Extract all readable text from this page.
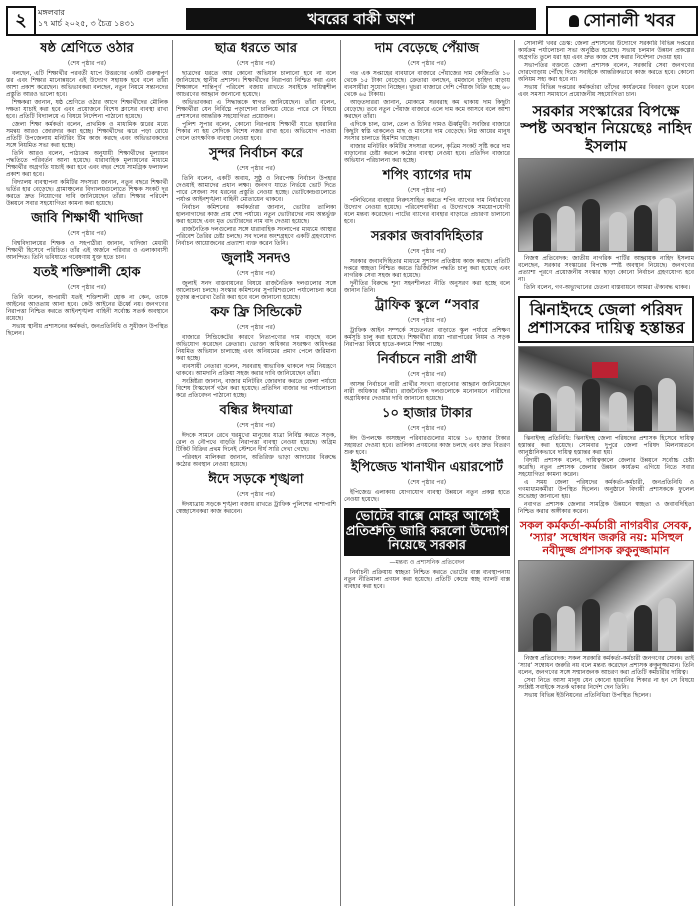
২	মঙ্গলবার
১৭ মার্চ ২০২৫, ৩ চৈত্র ১৪৩১	খবরের বাকী অংশ	সোনালী খবর
ষষ্ঠ শ্রেণিতে ওঠার
(শেষ পৃষ্ঠার পর)

বলছেন, এটি শিক্ষার্থীর পরবর্তী ধাপে উত্তরণের একটি গুরুত্বপূর্ণ স্তর এবং শিক্ষার মানোন্নয়নে এই উদ্যোগ সহায়ক হবে বলে তাঁরা আশা প্রকাশ করেছেন। অভিভাবকরা বলছেন, নতুন নিয়মে সন্তানদের প্রস্তুতি আরও ভালো হবে।

শিক্ষকরা জানান, ষষ্ঠ শ্রেণিতে ওঠার আগে শিক্ষার্থীদের মৌলিক দক্ষতা যাচাই করা হবে এবং প্রয়োজনে বিশেষ ক্লাসের ব্যবস্থা রাখা হবে। প্রতিটি বিদ্যালয়ে এ বিষয়ে নির্দেশনা পাঠানো হয়েছে।

জেলা শিক্ষা কর্মকর্তা বলেন, প্রাথমিক ও মাধ্যমিক স্তরের মধ্যে সমন্বয় আরও জোরদার করা হচ্ছে। শিক্ষার্থীদের ঝরে পড়া রোধে প্রতিটি উপজেলায় মনিটরিং টিম কাজ করছে এবং অভিভাবকদের সঙ্গে নিয়মিত সভা করা হচ্ছে।

তিনি আরও বলেন, পাঠ্যক্রম অনুযায়ী শিক্ষার্থীদের মূল্যায়ন পদ্ধতিতে পরিবর্তন আনা হয়েছে। ধারাবাহিক মূল্যায়নের মাধ্যমে শিক্ষার্থীর অগ্রগতি যাচাই করা হবে এবং বছর শেষে সামগ্রিক ফলাফল প্রকাশ করা হবে।

বিদ্যালয় ব্যবস্থাপনা কমিটির সদস্যরা জানান, নতুন বছরে শিক্ষার্থী ভর্তির হার বেড়েছে। গ্রামাঞ্চলের বিদ্যালয়গুলোতে শিক্ষক সংকট দূর করতে দ্রুত নিয়োগের দাবি জানিয়েছেন তাঁরা। শিক্ষার পরিবেশ উন্নয়নে সবার সহযোগিতা কামনা করা হয়েছে।

জাবি শিক্ষার্থী খাদিজা
(শেষ পৃষ্ঠার পর)

বিশ্ববিদ্যালয়ের শিক্ষক ও সহপাঠীরা জানান, খাদিজা মেধাবী শিক্ষার্থী হিসেবে পরিচিত। তাঁর এই অর্জনে পরিবার ও এলাকাবাসী আনন্দিত। তিনি ভবিষ্যতে গবেষণায় যুক্ত হতে চান।

যতই শক্তিশালী হোক
(শেষ পৃষ্ঠার পর)

তিনি বলেন, অপরাধী যতই শক্তিশালী হোক না কেন, তাকে আইনের আওতায় আনা হবে। কেউ আইনের ঊর্ধ্বে নয়। জনগণের নিরাপত্তা নিশ্চিত করতে আইনশৃঙ্খলা বাহিনী সর্বোচ্চ সতর্ক অবস্থানে রয়েছে।

সভায় স্থানীয় প্রশাসনের কর্মকর্তা, জনপ্রতিনিধি ও সুধীজন উপস্থিত ছিলেন।

ছাত্র ধরতে আর
(শেষ পৃষ্ঠার পর)

ছাত্রদের ধরতে আর কোনো অভিযান চালানো হবে না বলে জানিয়েছে স্থানীয় প্রশাসন। শিক্ষার্থীদের নিরাপত্তা নিশ্চিত করা এবং শিক্ষাঙ্গনে শান্তিপূর্ণ পরিবেশ বজায় রাখতে সবাইকে দায়িত্বশীল আচরণের আহ্বান জানানো হয়েছে।

অভিভাবকরা এ সিদ্ধান্তকে স্বাগত জানিয়েছেন। তাঁরা বলেন, শিক্ষার্থীরা যেন নির্বিঘ্নে পড়াশোনা চালিয়ে যেতে পারে সে বিষয়ে প্রশাসনের আন্তরিক সহযোগিতা প্রয়োজন।

পুলিশ সুপার বলেন, কোনো নিরপরাধ শিক্ষার্থী যাতে হয়রানির শিকার না হয় সেদিকে বিশেষ নজর রাখা হবে। অভিযোগ পাওয়া গেলে তাৎক্ষণিক ব্যবস্থা নেওয়া হবে।

সুন্দর নির্বাচন করে
(শেষ পৃষ্ঠার পর)

তিনি বলেন, একটি অবাধ, সুষ্ঠু ও নিরপেক্ষ নির্বাচন উপহার দেওয়াই আমাদের প্রধান লক্ষ্য। জনগণ যাতে নির্ভয়ে ভোট দিতে পারে সেজন্য সব ধরনের প্রস্তুতি নেওয়া হচ্ছে। ভোটকেন্দ্রগুলোতে পর্যাপ্ত আইনশৃঙ্খলা বাহিনী মোতায়েন থাকবে।

নির্বাচন কমিশনের কর্মকর্তারা জানান, ভোটার তালিকা হালনাগাদের কাজ প্রায় শেষ পর্যায়ে। নতুন ভোটারদের নাম অন্তর্ভুক্ত করা হয়েছে এবং মৃত ভোটারদের নাম বাদ দেওয়া হয়েছে।

রাজনৈতিক দলগুলোর সঙ্গে ধারাবাহিক সংলাপের মাধ্যমে আস্থার পরিবেশ তৈরির চেষ্টা চলছে। সব দলের অংশগ্রহণে একটি গ্রহণযোগ্য নির্বাচন আয়োজনের প্রত্যাশা ব্যক্ত করেন তিনি।

জুলাই সনদও
(শেষ পৃষ্ঠার পর)

জুলাই সনদ বাস্তবায়নের বিষয়ে রাজনৈতিক দলগুলোর সঙ্গে আলোচনা চলছে। সংস্কার কমিশনের সুপারিশগুলো পর্যালোচনা করে চূড়ান্ত রূপরেখা তৈরি করা হবে বলে জানানো হয়েছে।

কফ ফ্রি সিন্ডিকেট
(শেষ পৃষ্ঠার পর)

বাজারে সিন্ডিকেটের কারণে নিত্যপণ্যের দাম বাড়ছে বলে অভিযোগ করেছেন ক্রেতারা। ভোক্তা অধিকার সংরক্ষণ অধিদপ্তর নিয়মিত অভিযান চালাচ্ছে এবং অনিয়মের প্রমাণ পেলে জরিমানা করা হচ্ছে।

ব্যবসায়ী নেতারা বলেন, সরবরাহ স্বাভাবিক থাকলে দাম নিয়ন্ত্রণে থাকবে। আমদানি প্রক্রিয়া সহজ করার দাবি জানিয়েছেন তাঁরা।

সংশ্লিষ্টরা জানান, বাজার মনিটরিং জোরদার করতে জেলা পর্যায়ে বিশেষ টাস্কফোর্স গঠন করা হয়েছে। প্রতিদিন বাজার দর পর্যালোচনা করে প্রতিবেদন পাঠানো হচ্ছে।

বন্ধির ঈদযাত্রা
(শেষ পৃষ্ঠার পর)

ঈদকে সামনে রেখে ঘরমুখো মানুষের যাত্রা নির্বিঘ্ন করতে সড়ক, রেল ও নৌপথে বাড়তি নিরাপত্তা ব্যবস্থা নেওয়া হয়েছে। অগ্রিম টিকিট বিক্রির প্রথম দিনেই স্টেশনে দীর্ঘ সারি দেখা গেছে।

পরিবহন মালিকরা জানান, অতিরিক্ত ভাড়া আদায়ের বিরুদ্ধে কঠোর অবস্থান নেওয়া হয়েছে।

ঈদে সড়কে শৃঙ্খলা
(শেষ পৃষ্ঠার পর)

ঈদযাত্রায় সড়কে শৃঙ্খলা বজায় রাখতে ট্রাফিক পুলিশের পাশাপাশি স্বেচ্ছাসেবকরা কাজ করবেন।

দাম বেড়েছে পেঁয়াজ
(শেষ পৃষ্ঠার পর)

গত এক সপ্তাহের ব্যবধানে বাজারে পেঁয়াজের দাম কেজিপ্রতি ১০ থেকে ১৫ টাকা বেড়েছে। ক্রেতারা বলছেন, রমজানে চাহিদা বাড়ায় ব্যবসায়ীরা সুযোগ নিচ্ছেন। খুচরা বাজারে দেশি পেঁয়াজ বিক্রি হচ্ছে ৬০ থেকে ৬৫ টাকায়।

আড়তদাররা জানান, মোকামে সরবরাহ কম থাকায় দাম কিছুটা বেড়েছে। তবে নতুন পেঁয়াজ বাজারে এলে দাম কমে আসবে বলে আশা করছেন তাঁরা।

এদিকে চাল, ডাল, তেল ও চিনির দামও ঊর্ধ্বমুখী। সবজির বাজারে কিছুটা স্বস্তি থাকলেও মাছ ও মাংসের দাম বেড়েছে। নিম্ন আয়ের মানুষ সংসার চালাতে হিমশিম খাচ্ছেন।

বাজার মনিটরিং কমিটির সদস্যরা বলেন, কৃত্রিম সংকট সৃষ্টি করে দাম বাড়ানোর চেষ্টা করলে কঠোর ব্যবস্থা নেওয়া হবে। প্রতিদিন বাজারে অভিযান পরিচালনা করা হচ্ছে।

শপিং ব্যাগের দাম
(শেষ পৃষ্ঠার পর)

পলিথিনের ব্যবহার নিরুৎসাহিত করতে শপিং ব্যাগের দাম নির্ধারণের উদ্যোগ নেওয়া হয়েছে। পরিবেশবাদীরা এ উদ্যোগকে সময়োপযোগী বলে মন্তব্য করেছেন। পাটের ব্যাগের ব্যবহার বাড়াতে প্রচারণা চালানো হবে।

সরকার জবাবদিহিতার
(শেষ পৃষ্ঠার পর)

সরকার জবাবদিহিতার মাধ্যমে সুশাসন প্রতিষ্ঠায় কাজ করছে। প্রতিটি দপ্তরে স্বচ্ছতা নিশ্চিত করতে ডিজিটাল পদ্ধতি চালু করা হয়েছে এবং নাগরিক সেবা সহজ করা হয়েছে।

দুর্নীতির বিরুদ্ধে শূন্য সহনশীলতা নীতি অনুসরণ করা হচ্ছে বলে জানান তিনি।

ট্রাফিক স্কুলে “সবার
(শেষ পৃষ্ঠার পর)

ট্রাফিক আইন সম্পর্কে সচেতনতা বাড়াতে স্কুল পর্যায়ে প্রশিক্ষণ কর্মসূচি চালু করা হয়েছে। শিক্ষার্থীরা রাস্তা পারাপারের নিয়ম ও সড়ক নিরাপত্তা বিষয়ে হাতে-কলমে শিক্ষা পাচ্ছে।

নির্বাচনে নারী প্রার্থী
(শেষ পৃষ্ঠার পর)

আসন্ন নির্বাচনে নারী প্রার্থীর সংখ্যা বাড়ানোর আহ্বান জানিয়েছেন নারী অধিকার কর্মীরা। রাজনৈতিক দলগুলোকে মনোনয়নে নারীদের অগ্রাধিকার দেওয়ার দাবি জানানো হয়েছে।

১০ হাজার টাকার
(শেষ পৃষ্ঠার পর)

ঈদ উপলক্ষে অসচ্ছল পরিবারগুলোর মাঝে ১০ হাজার টাকার সহায়তা দেওয়া হবে। তালিকা প্রণয়নের কাজ চলছে এবং দ্রুত বিতরণ শুরু হবে।

ইপিজেড খানাখীন এয়ারপোর্ট
(শেষ পৃষ্ঠার পর)

ইপিজেড এলাকায় যোগাযোগ ব্যবস্থা উন্নয়নে নতুন প্রকল্প হাতে নেওয়া হয়েছে।

ভোটের বাক্সে মোহর আগেই প্রতিশ্রুতি জারি করলো উদ্যোগ নিয়েছে সরকার
—মন্তব্য ও প্রশাসনিক প্রতিবেদন

নির্বাচনী প্রক্রিয়ায় স্বচ্ছতা নিশ্চিত করতে ভোটের বাক্স ব্যবস্থাপনায় নতুন নীতিমালা প্রণয়ন করা হয়েছে। প্রতিটি কেন্দ্রে স্বচ্ছ ব্যালট বাক্স ব্যবহার করা হবে।

সোনালী খবর ডেস্ক: জেলা প্রশাসনের উদ্যোগে সরকারি বিভিন্ন দপ্তরের কার্যক্রম পর্যালোচনা সভা অনুষ্ঠিত হয়েছে। সভায় চলমান উন্নয়ন প্রকল্পের অগ্রগতি তুলে ধরা হয় এবং দ্রুত কাজ শেষ করার নির্দেশনা দেওয়া হয়।

সভাপতির বক্তব্যে জেলা প্রশাসক বলেন, সরকারি সেবা জনগণের দোরগোড়ায় পৌঁছে দিতে সবাইকে আন্তরিকভাবে কাজ করতে হবে। কোনো অনিয়ম সহ্য করা হবে না।

সভায় বিভিন্ন দপ্তরের কর্মকর্তারা তাঁদের কার্যক্রমের বিবরণ তুলে ধরেন এবং সমস্যা সমাধানে প্রয়োজনীয় সহযোগিতা চান।

সরকার সংস্কারের বিপক্ষে স্পষ্ট অবস্থান নিয়েছেঃ নাহিদ ইসলাম

নিজস্ব প্রতিবেদক: জাতীয় নাগরিক পার্টির আহ্বায়ক নাহিদ ইসলাম বলেছেন, সরকার সংস্কারের বিপক্ষে স্পষ্ট অবস্থান নিয়েছে। জনগণের প্রত্যাশা পূরণে প্রয়োজনীয় সংস্কার ছাড়া কোনো নির্বাচন গ্রহণযোগ্য হবে না।

তিনি বলেন, গণ-অভ্যুত্থানের চেতনা বাস্তবায়নে আমরা ঐক্যবদ্ধ থাকব।

ঝিনাইদহে জেলা পরিষদ প্রশাসকের দায়িত্ব হস্তান্তর

ঝিনাইদহ প্রতিনিধি: ঝিনাইদহ জেলা পরিষদের প্রশাসক হিসেবে দায়িত্ব হস্তান্তর করা হয়েছে। সোমবার দুপুরে জেলা পরিষদ মিলনায়তনে আনুষ্ঠানিকভাবে দায়িত্ব হস্তান্তর করা হয়।

বিদায়ী প্রশাসক বলেন, দায়িত্বকালে জেলার উন্নয়নে সর্বোচ্চ চেষ্টা করেছি। নতুন প্রশাসক জেলার উন্নয়ন কার্যক্রম এগিয়ে নিতে সবার সহযোগিতা কামনা করেন।

এ সময় জেলা পরিষদের কর্মকর্তা-কর্মচারী, জনপ্রতিনিধি ও গণমাধ্যমকর্মীরা উপস্থিত ছিলেন। অনুষ্ঠানে বিদায়ী প্রশাসককে ফুলেল শুভেচ্ছা জানানো হয়।

নবাগত প্রশাসক জেলার সামগ্রিক উন্নয়নে স্বচ্ছতা ও জবাবদিহিতা নিশ্চিত করার অঙ্গীকার করেন।

সকল কর্মকর্তা-কর্মচারী নাগরবীর সেবক, ‘স্যার’ সম্বোধন জরুরি নয়: মসিহুল নবীদুজ্জ প্রশাসক রুকুনুজ্জামান

নিজস্ব প্রতিবেদক: সকল সরকারি কর্মকর্তা-কর্মচারী জনগণের সেবক। তাই ‘স্যার’ সম্বোধন জরুরি নয় বলে মন্তব্য করেছেন প্রশাসক রুকুনুজ্জামান। তিনি বলেন, জনগণের সঙ্গে সম্মানজনক আচরণ করা প্রতিটি কর্মচারীর দায়িত্ব।

সেবা নিতে আসা মানুষ যেন কোনো হয়রানির শিকার না হন সে বিষয়ে সংশ্লিষ্ট সবাইকে সতর্ক থাকার নির্দেশ দেন তিনি।

সভায় বিভিন্ন ইউনিয়নের প্রতিনিধিরা উপস্থিত ছিলেন।
